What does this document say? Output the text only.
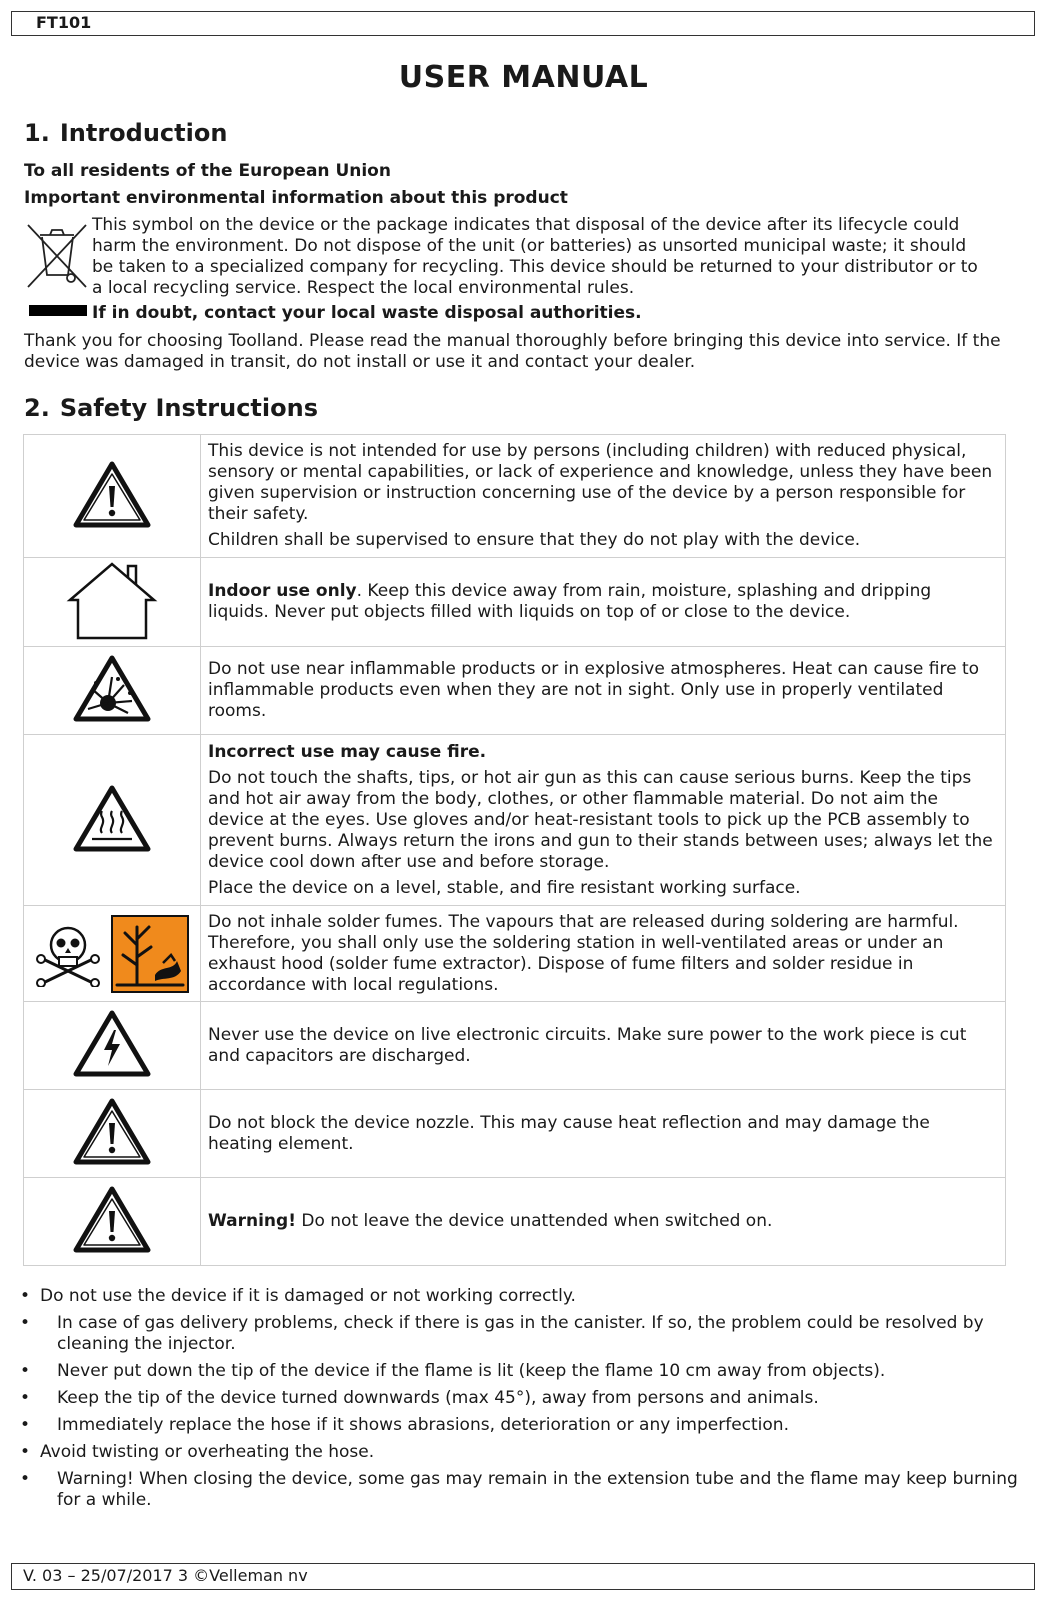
FT101
USER MANUAL
1. Introduction
To all residents of the European Union
Important environmental information about this product
This symbol on the device or the package indicates that disposal of the device after its lifecycle could
harm the environment. Do not dispose of the unit (or batteries) as unsorted municipal waste; it should
be taken to a specialized company for recycling. This device should be returned to your distributor or to
a local recycling service. Respect the local environmental rules.
If in doubt, contact your local waste disposal authorities.
Thank you for choosing Toolland. Please read the manual thoroughly before bringing this device into service. If the device was damaged in transit, do not install or use it and contact your dealer.
2. Safety Instructions

This device is not intended for use by persons (including children) with reduced physical, sensory or mental capabilities, or lack of experience and knowledge, unless they have been given supervision or instruction concerning use of the device by a person responsible for their safety.

Children shall be supervised to ensure that they do not play with the device.

Indoor use only. Keep this device away from rain, moisture, splashing and dripping liquids. Never put objects filled with liquids on top of or close to the device.

Do not use near inflammable products or in explosive atmospheres. Heat can cause fire to inflammable products even when they are not in sight. Only use in properly ventilated rooms.

Incorrect use may cause fire.

Do not touch the shafts, tips, or hot air gun as this can cause serious burns. Keep the tips and hot air away from the body, clothes, or other flammable material. Do not aim the device at the eyes. Use gloves and/or heat-resistant tools to pick up the PCB assembly to prevent burns. Always return the irons and gun to their stands between uses; always let the device cool down after use and before storage.

Place the device on a level, stable, and fire resistant working surface.

Do not inhale solder fumes. The vapours that are released during soldering are harmful. Therefore, you shall only use the soldering station in well-ventilated areas or under an exhaust hood (solder fume extractor). Dispose of fume filters and solder residue in accordance with local regulations.

Never use the device on live electronic circuits. Make sure power to the work piece is cut and capacitors are discharged.

Do not block the device nozzle. This may cause heat reflection and may damage the heating element.

Warning! Do not leave the device unattended when switched on.

• Do not use the device if it is damaged or not working correctly.
• In case of gas delivery problems, check if there is gas in the canister. If so, the problem could be resolved by cleaning the injector.
• Never put down the tip of the device if the flame is lit (keep the flame 10 cm away from objects).
• Keep the tip of the device turned downwards (max 45°), away from persons and animals.
• Immediately replace the hose if it shows abrasions, deterioration or any imperfection.
• Avoid twisting or overheating the hose.
• Warning! When closing the device, some gas may remain in the extension tube and the flame may keep burning for a while.
V. 03 – 25/07/2017 3 ©Velleman nv
